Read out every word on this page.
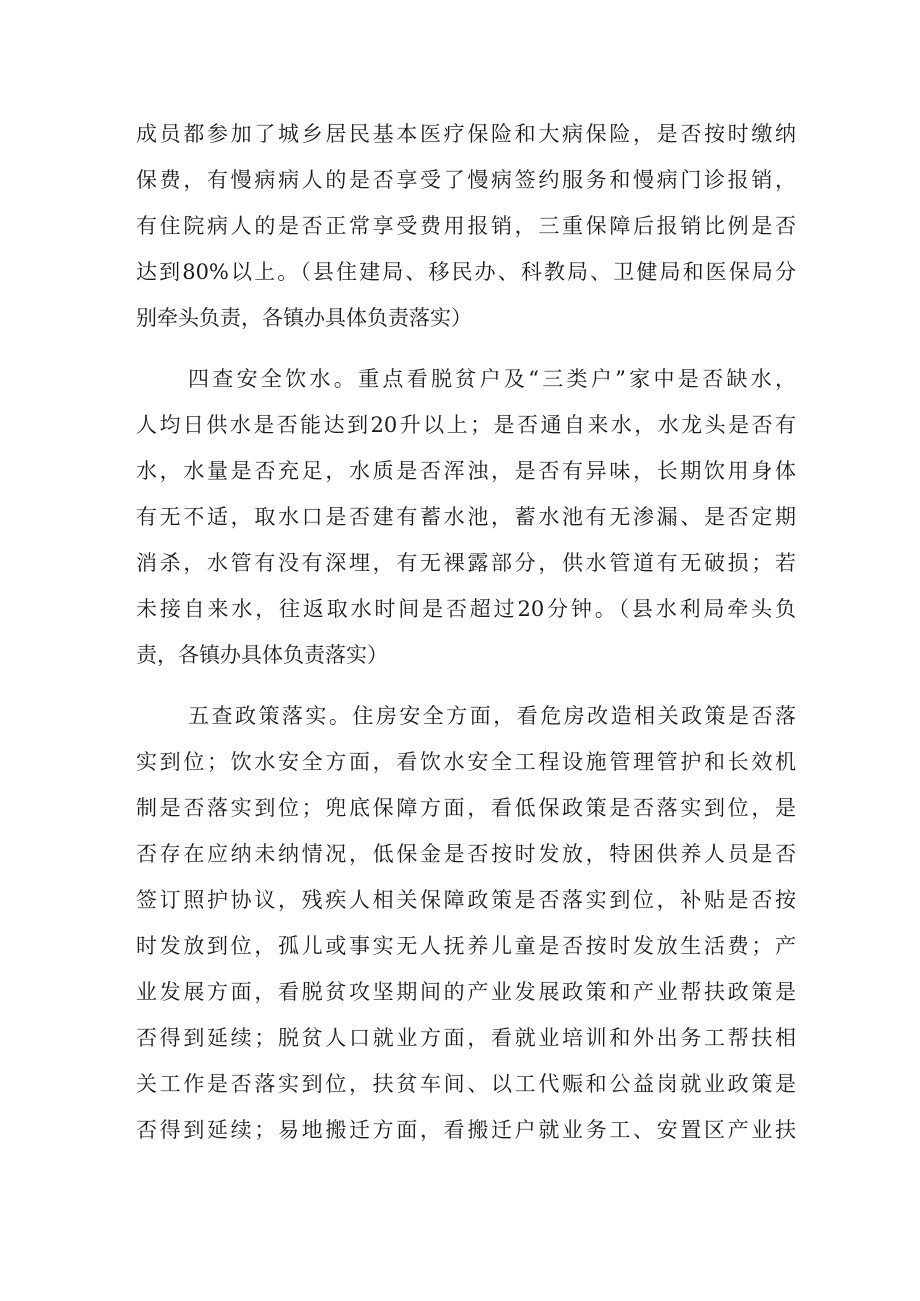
成员都参加了城乡居民基本医疗保险和大病保险，是否按时缴纳
保费，有慢病病人的是否享受了慢病签约服务和慢病门诊报销，
有住院病人的是否正常享受费用报销，三重保障后报销比例是否
达到80%以上。（县住建局、移民办、科教局、卫健局和医保局分
别牵头负责，各镇办具体负责落实）
四查安全饮水。重点看脱贫户及“三类户”家中是否缺水，
人均日供水是否能达到20升以上；是否通自来水，水龙头是否有
水，水量是否充足，水质是否浑浊，是否有异味，长期饮用身体
有无不适，取水口是否建有蓄水池，蓄水池有无渗漏、是否定期
消杀，水管有没有深埋，有无裸露部分，供水管道有无破损；若
未接自来水，往返取水时间是否超过20分钟。（县水利局牵头负
责，各镇办具体负责落实）
五查政策落实。住房安全方面，看危房改造相关政策是否落
实到位；饮水安全方面，看饮水安全工程设施管理管护和长效机
制是否落实到位；兜底保障方面，看低保政策是否落实到位，是
否存在应纳未纳情况，低保金是否按时发放，特困供养人员是否
签订照护协议，残疾人相关保障政策是否落实到位，补贴是否按
时发放到位，孤儿或事实无人抚养儿童是否按时发放生活费；产
业发展方面，看脱贫攻坚期间的产业发展政策和产业帮扶政策是
否得到延续；脱贫人口就业方面，看就业培训和外出务工帮扶相
关工作是否落实到位，扶贫车间、以工代赈和公益岗就业政策是
否得到延续；易地搬迁方面，看搬迁户就业务工、安置区产业扶
